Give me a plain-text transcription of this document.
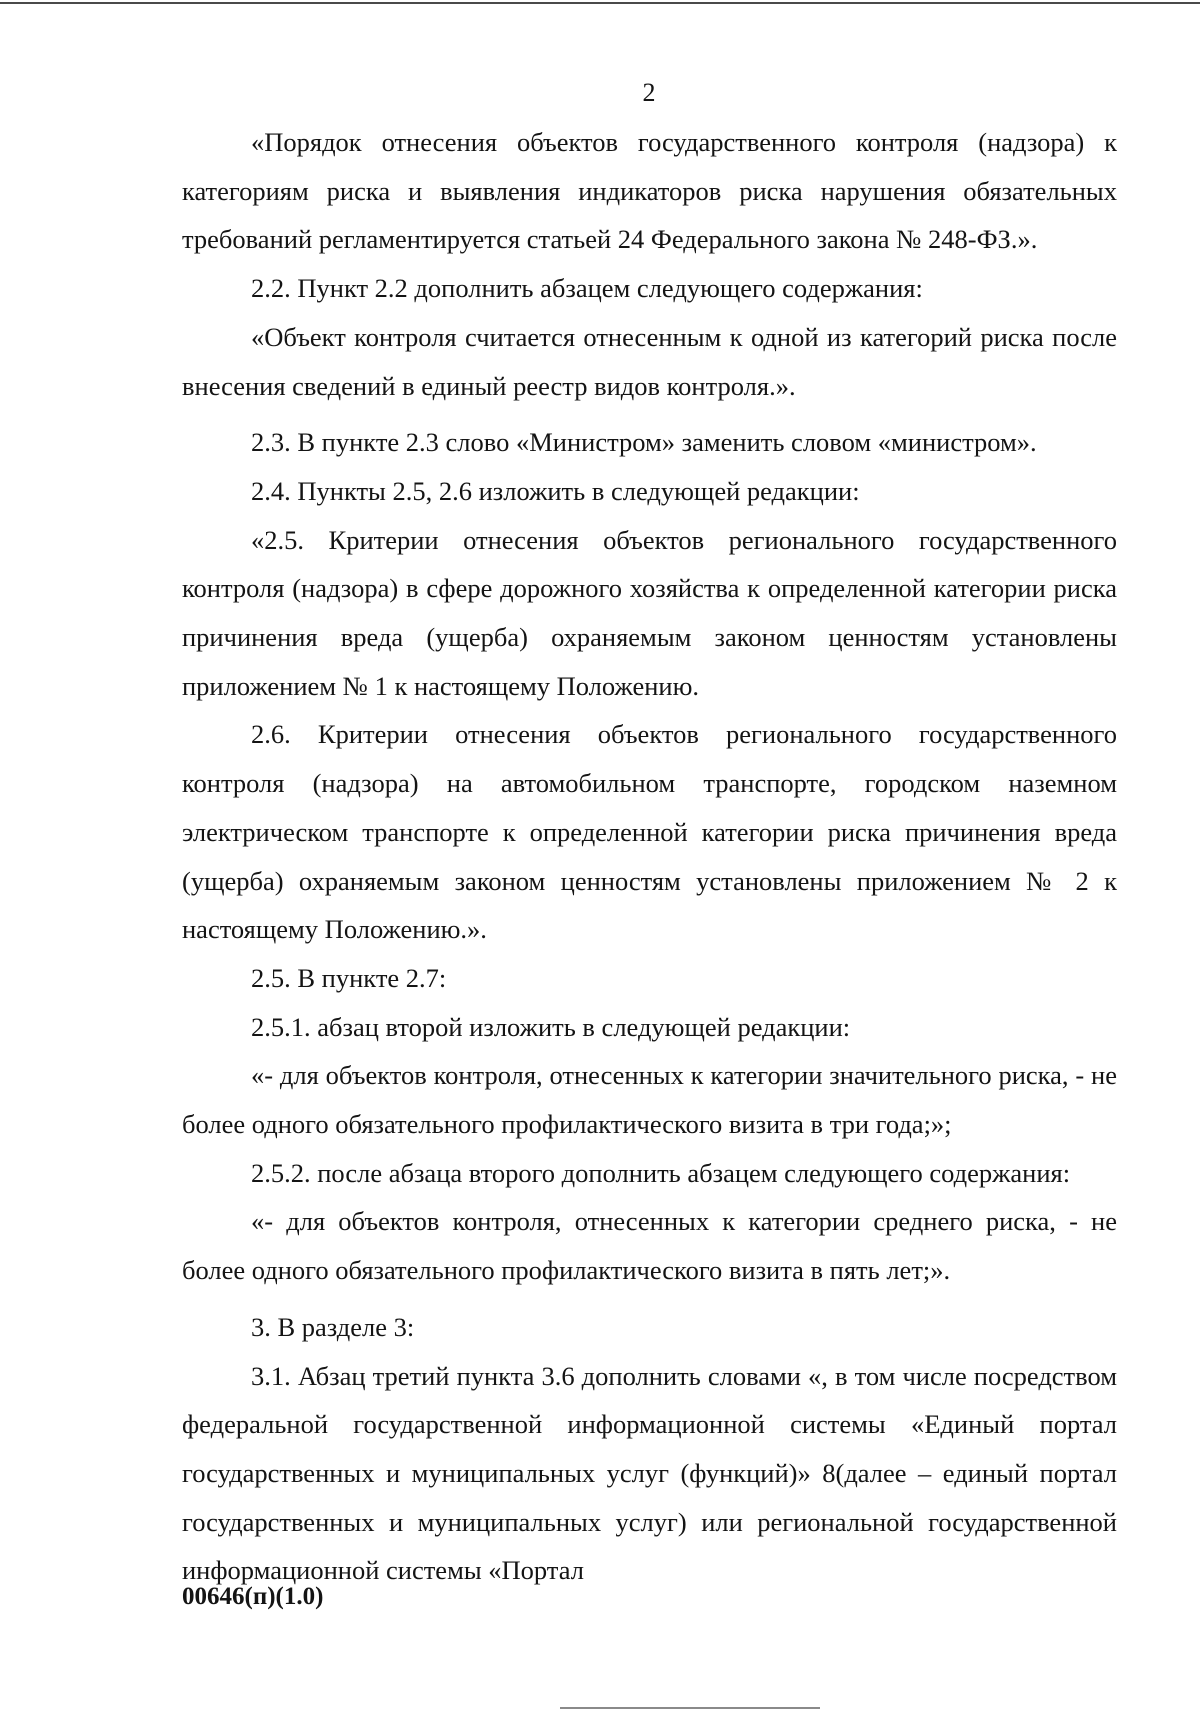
2

«Порядок отнесения объектов государственного контроля (надзора) к категориям риска и выявления индикаторов риска нарушения обязательных требований регламентируется статьей 24 Федерального закона № 248-ФЗ.».

2.2. Пункт 2.2 дополнить абзацем следующего содержания:

«Объект контроля считается отнесенным к одной из категорий риска после внесения сведений в единый реестр видов контроля.».

2.3. В пункте 2.3 слово «Министром» заменить словом «министром».

2.4. Пункты 2.5, 2.6 изложить в следующей редакции:

«2.5. Критерии отнесения объектов регионального государственного контроля (надзора) в сфере дорожного хозяйства к определенной категории риска причинения вреда (ущерба) охраняемым законом ценностям установлены приложением № 1 к настоящему Положению.

2.6. Критерии отнесения объектов регионального государственного контроля (надзора) на автомобильном транспорте, городском наземном электрическом транспорте к определенной категории риска причинения вреда (ущерба) охраняемым законом ценностям установлены приложением № 2 к настоящему Положению.».

2.5. В пункте 2.7:

2.5.1. абзац второй изложить в следующей редакции:

«- для объектов контроля, отнесенных к категории значительного риска, - не более одного обязательного профилактического визита в три года;»;

2.5.2. после абзаца второго дополнить абзацем следующего содержания:

«- для объектов контроля, отнесенных к категории среднего риска, - не более одного обязательного профилактического визита в пять лет;».

3. В разделе 3:

3.1. Абзац третий пункта 3.6 дополнить словами «, в том числе посредством федеральной государственной информационной системы «Единый портал государственных и муниципальных услуг (функций)» 8(далее – единый портал государственных и муниципальных услуг) или региональной государственной информационной системы «Портал

00646(п)(1.0)
